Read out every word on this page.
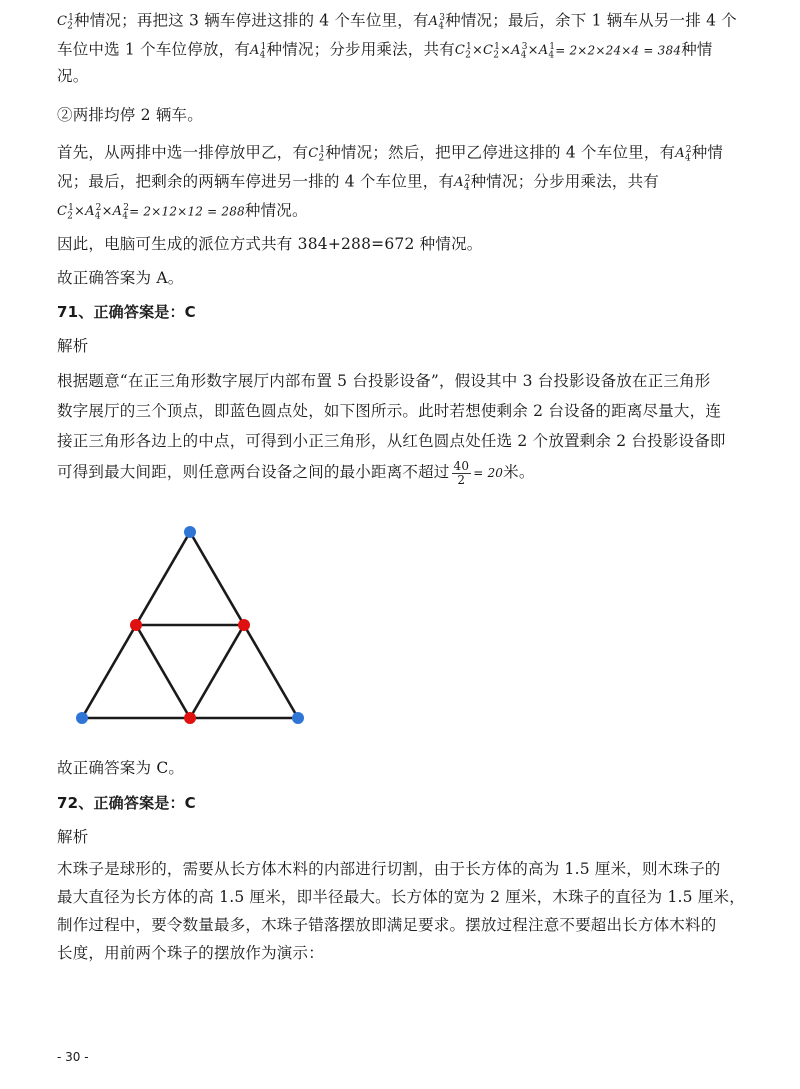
$C_2^1$种情况；再把这 3 辆车停进这排的 4 个车位里，有$A_4^3$种情况；最后，余下 1 辆车从另一排 4 个

车位中选 1 个车位停放，有$A_4^1$种情况；分步用乘法，共有$C_2^1\times C_2^1\times A_4^3\times A_4^1= 2\times 2\times 24\times 4 = 384$种情

况。

②两排均停 2 辆车。

首先，从两排中选一排停放甲乙，有$C_2^1$种情况；然后，把甲乙停进这排的 4 个车位里，有$A_4^2$种情

况；最后，把剩余的两辆车停进另一排的 4 个车位里，有$A_4^2$种情况；分步用乘法，共有

$C_2^1\times A_4^2\times A_4^2= 2\times 12\times 12 = 288$种情况。

因此，电脑可生成的派位方式共有 384+288=672 种情况。

故正确答案为 A。

71、正确答案是：C

解析

根据题意“在正三角形数字展厅内部布置 5 台投影设备”，假设其中 3 台投影设备放在正三角形

数字展厅的三个顶点，即蓝色圆点处，如下图所示。此时若想使剩余 2 台设备的距离尽量大，连

接正三角形各边上的中点，可得到小正三角形，从红色圆点处任选 2 个放置剩余 2 台投影设备即

可得到最大间距，则任意两台设备之间的最小距离不超过 $\frac{40}{2} = 20$米。

故正确答案为 C。

72、正确答案是：C

解析

木珠子是球形的，需要从长方体木料的内部进行切割，由于长方体的高为 1.5 厘米，则木珠子的

最大直径为长方体的高 1.5 厘米，即半径最大。长方体的宽为 2 厘米，木珠子的直径为 1.5 厘米，

制作过程中，要令数量最多，木珠子错落摆放即满足要求。摆放过程注意不要超出长方体木料的

长度，用前两个珠子的摆放作为演示：

- 30 -
